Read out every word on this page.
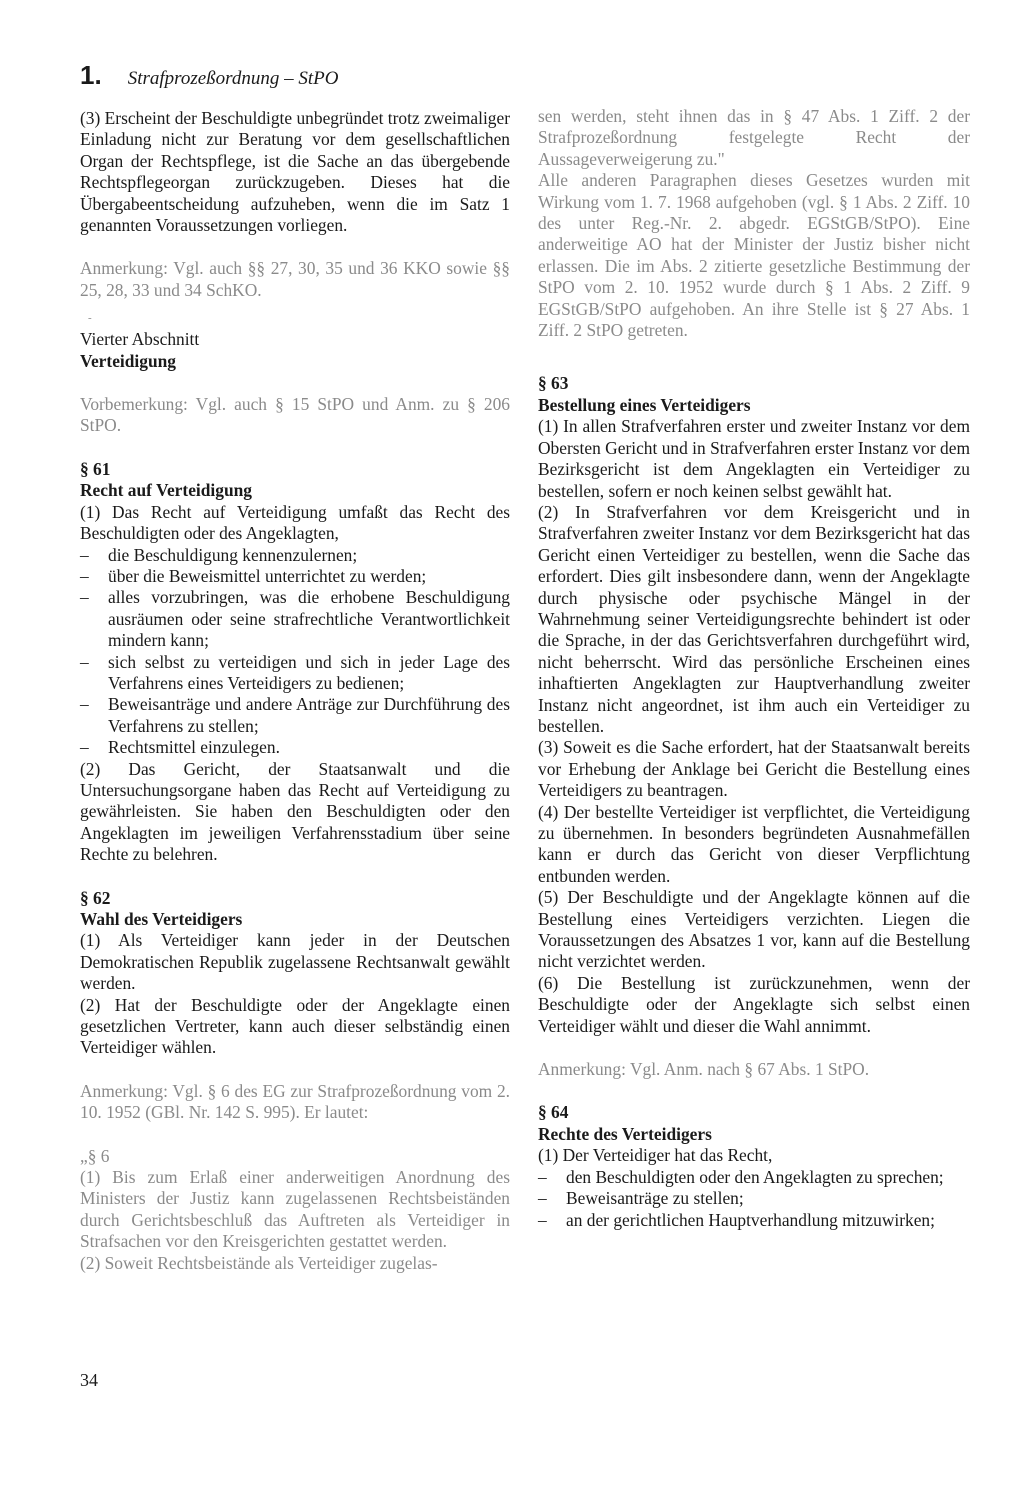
1. Strafprozeßordnung – StPO

(3) Erscheint der Beschuldigte unbegründet trotz zweimaliger Einladung nicht zur Beratung vor dem gesellschaftlichen Organ der Rechtspflege, ist die Sache an das übergebende Rechtspflegeorgan zurückzugeben. Dieses hat die Übergabeentscheidung aufzuheben, wenn die im Satz 1 genannten Voraussetzungen vorliegen.

Anmerkung: Vgl. auch §§ 27, 30, 35 und 36 KKO sowie §§ 25, 28, 33 und 34 SchKO.

-

Vierter Abschnitt

Verteidigung

Vorbemerkung: Vgl. auch § 15 StPO und Anm. zu § 206 StPO.

§ 61

Recht auf Verteidigung

(1) Das Recht auf Verteidigung umfaßt das Recht des Beschuldigten oder des Angeklagten,

– die Beschuldigung kennenzulernen;
– über die Beweismittel unterrichtet zu werden;
– alles vorzubringen, was die erhobene Beschuldigung ausräumen oder seine strafrechtliche Verantwortlichkeit mindern kann;
– sich selbst zu verteidigen und sich in jeder Lage des Verfahrens eines Verteidigers zu bedienen;
– Beweisanträge und andere Anträge zur Durchführung des Verfahrens zu stellen;
– Rechtsmittel einzulegen.

(2) Das Gericht, der Staatsanwalt und die Untersuchungsorgane haben das Recht auf Verteidigung zu gewährleisten. Sie haben den Beschuldigten oder den Angeklagten im jeweiligen Verfahrensstadium über seine Rechte zu belehren.

§ 62

Wahl des Verteidigers

(1) Als Verteidiger kann jeder in der Deutschen Demokratischen Republik zugelassene Rechtsanwalt gewählt werden.

(2) Hat der Beschuldigte oder der Angeklagte einen gesetzlichen Vertreter, kann auch dieser selbständig einen Verteidiger wählen.

Anmerkung: Vgl. § 6 des EG zur Strafprozeßordnung vom 2. 10. 1952 (GBl. Nr. 142 S. 995). Er lautet:

„§ 6

(1) Bis zum Erlaß einer anderweitigen Anordnung des Ministers der Justiz kann zugelassenen Rechtsbeiständen durch Gerichtsbeschluß das Auftreten als Verteidiger in Strafsachen vor den Kreisgerichten gestattet werden.

(2) Soweit Rechtsbeistände als Verteidiger zugelas-

sen werden, steht ihnen das in § 47 Abs. 1 Ziff. 2 der Strafprozeßordnung festgelegte Recht der Aussageverweigerung zu."

Alle anderen Paragraphen dieses Gesetzes wurden mit Wirkung vom 1. 7. 1968 aufgehoben (vgl. § 1 Abs. 2 Ziff. 10 des unter Reg.-Nr. 2. abgedr. EGStGB/StPO). Eine anderweitige AO hat der Minister der Justiz bisher nicht erlassen. Die im Abs. 2 zitierte gesetzliche Bestimmung der StPO vom 2. 10. 1952 wurde durch § 1 Abs. 2 Ziff. 9 EGStGB/StPO aufgehoben. An ihre Stelle ist § 27 Abs. 1 Ziff. 2 StPO getreten.

§ 63

Bestellung eines Verteidigers

(1) In allen Strafverfahren erster und zweiter Instanz vor dem Obersten Gericht und in Strafverfahren erster Instanz vor dem Bezirksgericht ist dem Angeklagten ein Verteidiger zu bestellen, sofern er noch keinen selbst gewählt hat.

(2) In Strafverfahren vor dem Kreisgericht und in Strafverfahren zweiter Instanz vor dem Bezirksgericht hat das Gericht einen Verteidiger zu bestellen, wenn die Sache das erfordert. Dies gilt insbesondere dann, wenn der Angeklagte durch physische oder psychische Mängel in der Wahrnehmung seiner Verteidigungsrechte behindert ist oder die Sprache, in der das Gerichtsverfahren durchgeführt wird, nicht beherrscht. Wird das persönliche Erscheinen eines inhaftierten Angeklagten zur Hauptverhandlung zweiter Instanz nicht angeordnet, ist ihm auch ein Verteidiger zu bestellen.

(3) Soweit es die Sache erfordert, hat der Staatsanwalt bereits vor Erhebung der Anklage bei Gericht die Bestellung eines Verteidigers zu beantragen.

(4) Der bestellte Verteidiger ist verpflichtet, die Verteidigung zu übernehmen. In besonders begründeten Ausnahmefällen kann er durch das Gericht von dieser Verpflichtung entbunden werden.

(5) Der Beschuldigte und der Angeklagte können auf die Bestellung eines Verteidigers verzichten. Liegen die Voraussetzungen des Absatzes 1 vor, kann auf die Bestellung nicht verzichtet werden.

(6) Die Bestellung ist zurückzunehmen, wenn der Beschuldigte oder der Angeklagte sich selbst einen Verteidiger wählt und dieser die Wahl annimmt.

Anmerkung: Vgl. Anm. nach § 67 Abs. 1 StPO.

§ 64

Rechte des Verteidigers

(1) Der Verteidiger hat das Recht,

– den Beschuldigten oder den Angeklagten zu sprechen;
– Beweisanträge zu stellen;
– an der gerichtlichen Hauptverhandlung mitzuwirken;
34
